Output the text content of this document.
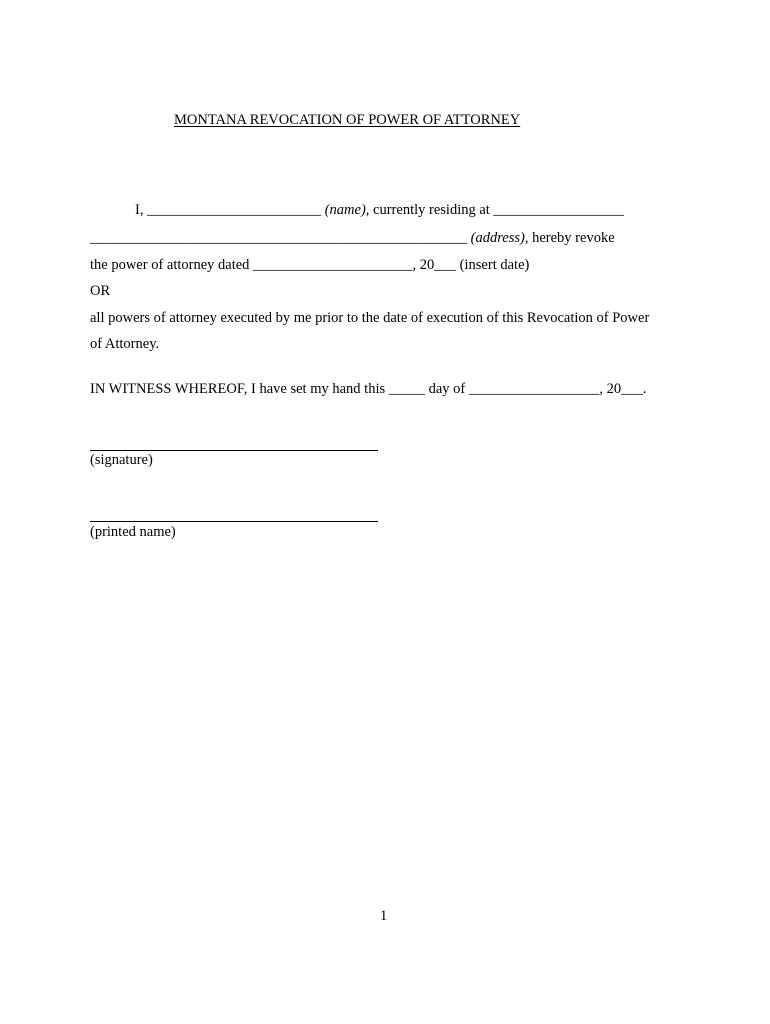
MONTANA REVOCATION OF POWER OF ATTORNEY
I, ________________________ (name), currently residing at __________________
____________________________________________________ (address), hereby revoke
the power of attorney dated ______________________, 20___ (insert date)
OR
all powers of attorney executed by me prior to the date of execution of this Revocation of Power
of Attorney.
IN WITNESS WHEREOF, I have set my hand this _____ day of __________________, 20___.
(signature)
(printed name)
1
